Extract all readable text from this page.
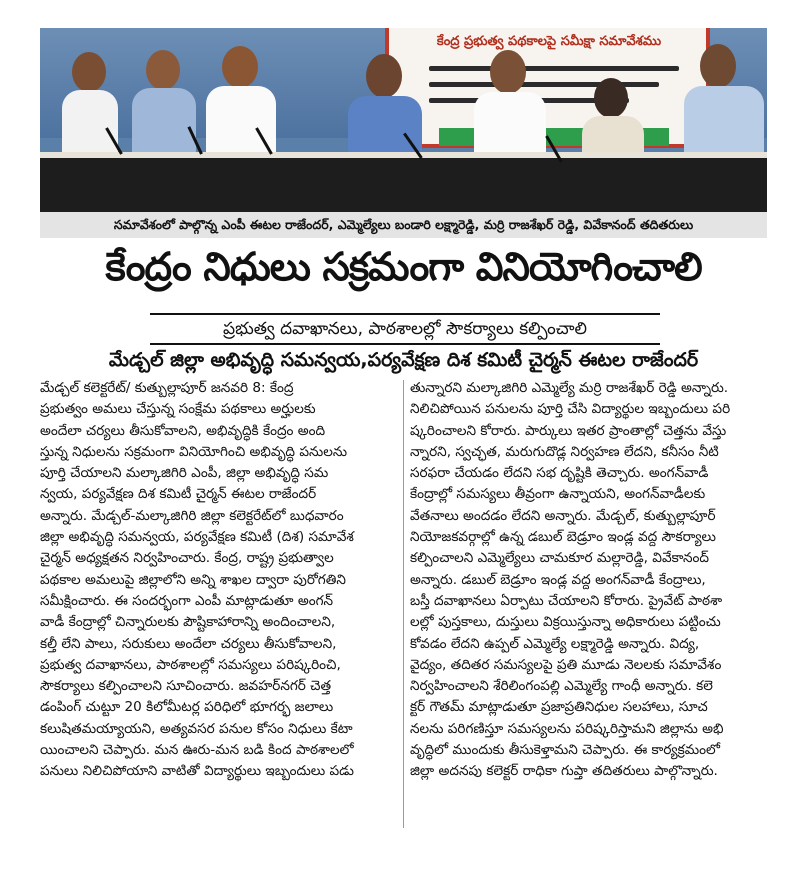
కేంద్ర ప్రభుత్వ పథకాలపై సమీక్షా సమావేశము
సమావేశంలో పాల్గొన్న ఎంపీ ఈటల రాజేందర్, ఎమ్మెల్యేలు బండారి లక్ష్మారెడ్డి, మర్రి రాజశేఖర్ రెడ్డి, వివేకానంద్ తదితరులు
కేంద్రం నిధులు సక్రమంగా వినియోగించాలి
ప్రభుత్వ దవాఖానలు, పాఠశాలల్లో సౌకర్యాలు కల్పించాలి
మేడ్చల్ జిల్లా అభివృద్ధి సమన్వయ,పర్యవేక్షణ దిశ కమిటీ చైర్మన్ ఈటల రాజేందర్

మేడ్చల్ కలెక్టరేట్/ కుత్బుల్లాపూర్ జనవరి 8: కేంద్ర

ప్రభుత్వం అమలు చేస్తున్న సంక్షేమ పథకాలు అర్హులకు

అందేలా చర్యలు తీసుకోవాలని, అభివృద్ధికి కేంద్రం అంది

స్తున్న నిధులను సక్రమంగా వినియోగించి అభివృద్ధి పనులను

పూర్తి చేయాలని మల్కాజిగిరి ఎంపీ, జిల్లా అభివృద్ధి సమ

న్వయ, పర్యవేక్షణ దిశ కమిటీ చైర్మన్ ఈటల రాజేందర్

అన్నారు. మేడ్చల్-మల్కాజిగిరి జిల్లా కలెక్టరేట్‌లో బుధవారం

జిల్లా అభివృద్ధి సమన్వయ, పర్యవేక్షణ కమిటీ (దిశ) సమావేశ

చైర్మన్ అధ్యక్షతన నిర్వహించారు. కేంద్ర, రాష్ట్ర ప్రభుత్వాల

పథకాల అమలుపై జిల్లాలోని అన్ని శాఖల ద్వారా పురోగతిని

సమీక్షించారు. ఈ సందర్భంగా ఎంపీ మాట్లాడుతూ అంగన్

వాడీ కేంద్రాల్లో చిన్నారులకు పౌష్టికాహారాన్ని అందించాలని,

కల్తీ లేని పాలు, సరుకులు అందేలా చర్యలు తీసుకోవాలని,

ప్రభుత్వ దవాఖానలు, పాఠశాలల్లో సమస్యలు పరిష్కరించి,

సౌకర్యాలు కల్పించాలని సూచించారు. జవహర్‌నగర్ చెత్త

డంపింగ్ చుట్టూ 20 కిలోమీటర్ల పరిధిలో భూగర్భ జలాలు

కలుషితమయ్యాయని, అత్యవసర పనుల కోసం నిధులు కేటా

యించాలని చెప్పారు. మన ఊరు-మన బడి కింద పాఠశాలలో

పనులు నిలిచిపోయాని వాటితో విద్యార్థులు ఇబ్బందులు పడు

తున్నారని మల్కాజిగిరి ఎమ్మెల్యే మర్రి రాజశేఖర్ రెడ్డి అన్నారు.

నిలిచిపోయిన పనులను పూర్తి చేసి విద్యార్థుల ఇబ్బందులు పరి

ష్కరించాలని కోరారు. పార్కులు ఇతర ప్రాంతాల్లో చెత్తను వేస్తు

న్నారని, స్వచ్ఛత, మరుగుదొడ్ల నిర్వహణ లేదని, కనీసం నీటి

సరఫరా చేయడం లేదని సభ దృష్టికి తెచ్చారు. అంగన్‌వాడీ

కేంద్రాల్లో సమస్యలు తీవ్రంగా ఉన్నాయని, అంగన్‌వాడీలకు

వేతనాలు అందడం లేదని అన్నారు. మేడ్చల్, కుత్బుల్లాపూర్

నియోజకవర్గాల్లో ఉన్న డబుల్ బెడ్రూం ఇండ్ల వద్ద సౌకర్యాలు

కల్పించాలని ఎమ్మెల్యేలు చామకూర మల్లారెడ్డి, వివేకానంద్

అన్నారు. డబుల్ బెడ్రూం ఇండ్ల వద్ద అంగన్‌వాడీ కేంద్రాలు,

బస్తీ దవాఖానలు ఏర్పాటు చేయాలని కోరారు. ప్రైవేట్ పాఠశా

లల్లో పుస్తకాలు, దుస్తులు విక్రయిస్తున్నా అధికారులు పట్టించు

కోవడం లేదని ఉప్పల్ ఎమ్మెల్యే లక్ష్మారెడ్డి అన్నారు. విద్య,

వైద్యం, తదితర సమస్యలపై ప్రతి మూడు నెలలకు సమావేశం

నిర్వహించాలని శేరిలింగంపల్లి ఎమ్మెల్యే గాంధీ అన్నారు. కలె

క్టర్ గౌతమ్ మాట్లాడుతూ ప్రజాప్రతినిధుల సలహాలు, సూచ

నలను పరిగణిస్తూ సమస్యలను పరిష్కరిస్తామని జిల్లాను అభి

వృద్ధిలో ముందుకు తీసుకెళ్తామని చెప్పారు. ఈ కార్యక్రమంలో

జిల్లా అదనపు కలెక్టర్ రాధికా గుప్తా తదితరులు పాల్గొన్నారు.
